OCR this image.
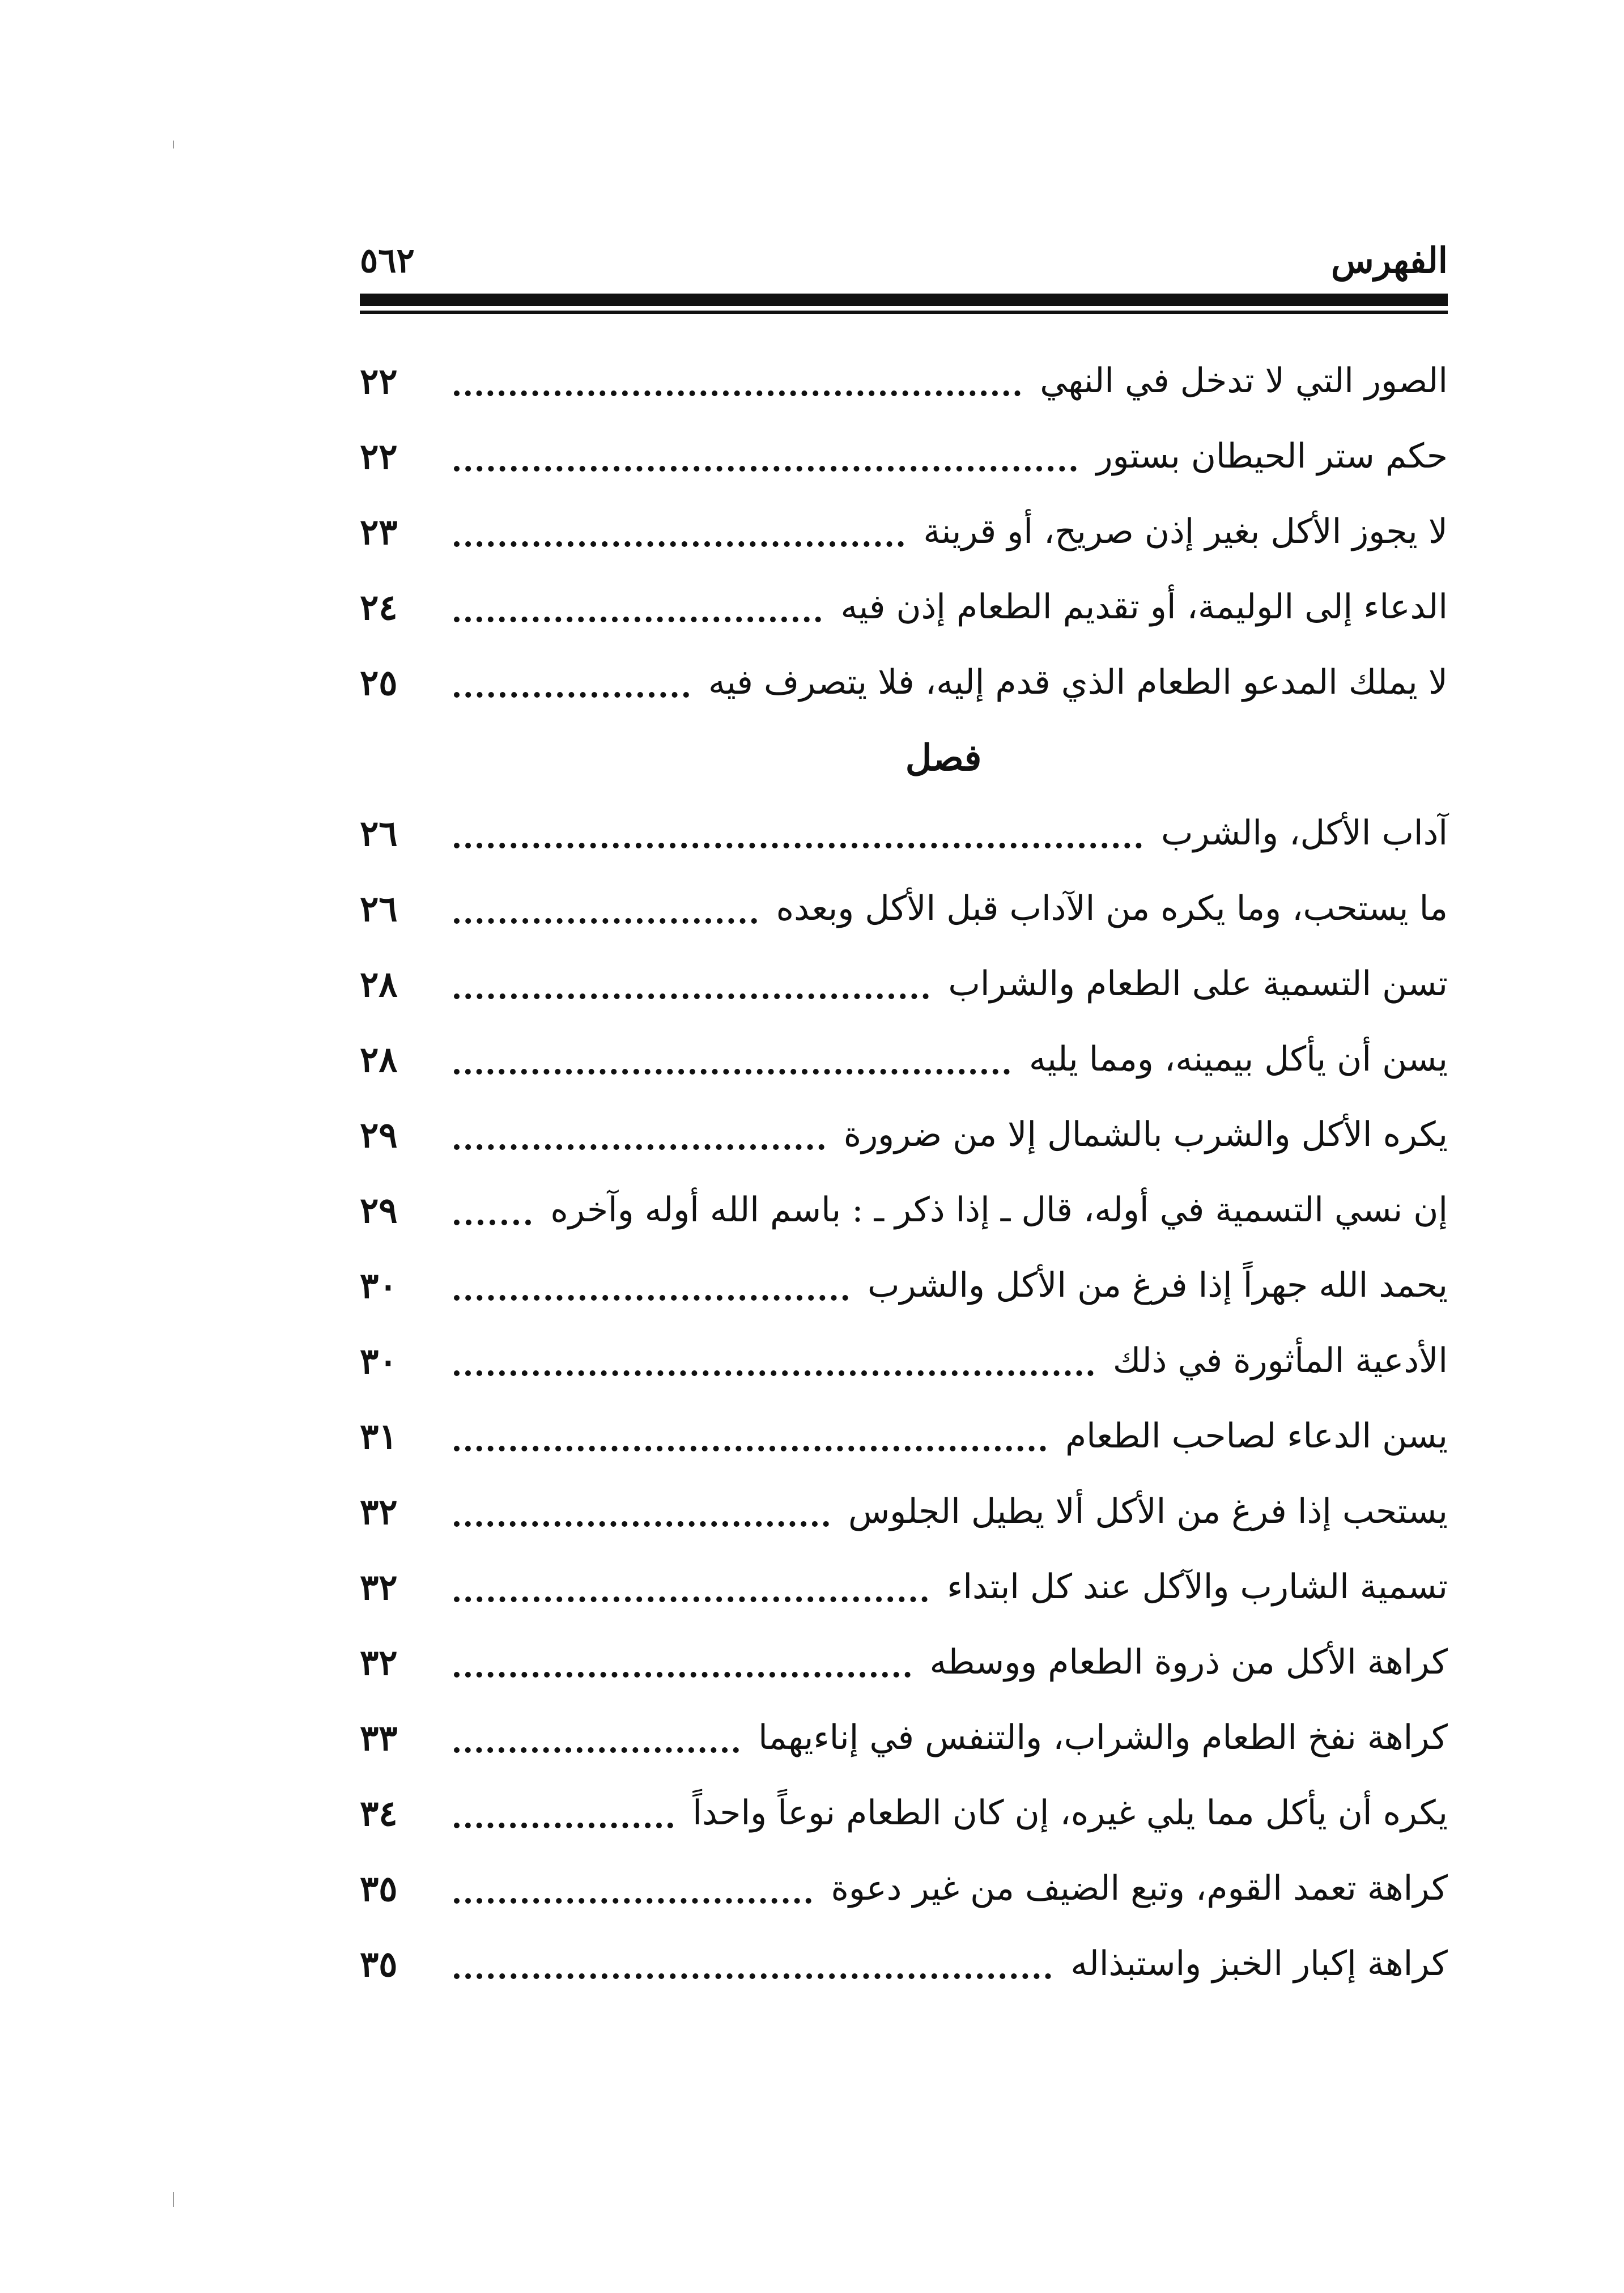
الفهرس
٥٦٢
الصور التي لا تدخل في النهي
٢٢
حكم ستر الحيطان بستور
٢٢
لا يجوز الأكل بغير إذن صريح، أو قرينة
٢٣
الدعاء إلى الوليمة، أو تقديم الطعام إذن فيه
٢٤
لا يملك المدعو الطعام الذي قدم إليه، فلا يتصرف فيه
٢٥
فصل
آداب الأكل، والشرب
٢٦
ما يستحب، وما يكره من الآداب قبل الأكل وبعده
٢٦
تسن التسمية على الطعام والشراب
٢٨
يسن أن يأكل بيمينه، ومما يليه
٢٨
يكره الأكل والشرب بالشمال إلا من ضرورة
٢٩
إن نسي التسمية في أوله، قال ـ إذا ذكر ـ : باسم الله أوله وآخره
٢٩
يحمد الله جهراً إذا فرغ من الأكل والشرب
٣٠
الأدعية المأثورة في ذلك
٣٠
يسن الدعاء لصاحب الطعام
٣١
يستحب إذا فرغ من الأكل ألا يطيل الجلوس
٣٢
تسمية الشارب والآكل عند كل ابتداء
٣٢
كراهة الأكل من ذروة الطعام ووسطه
٣٢
كراهة نفخ الطعام والشراب، والتنفس في إناءيهما
٣٣
يكره أن يأكل مما يلي غيره، إن كان الطعام نوعاً واحداً
٣٤
كراهة تعمد القوم، وتبع الضيف من غير دعوة
٣٥
كراهة إكبار الخبز واستبذاله
٣٥
